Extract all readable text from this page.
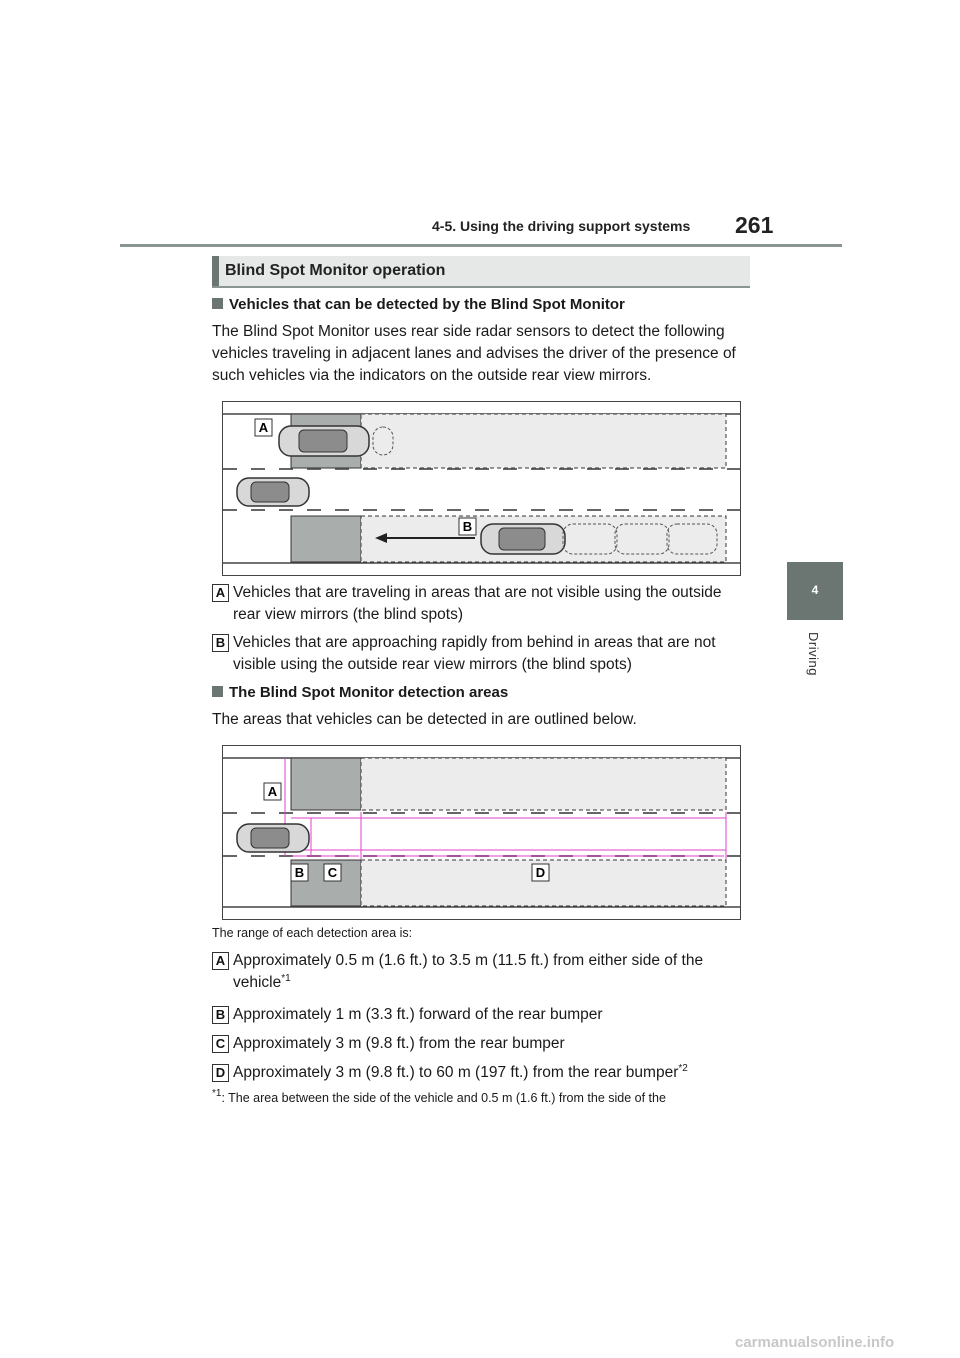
4-5. Using the driving support systems 261
4
Driving
Blind Spot Monitor operation
Vehicles that can be detected by the Blind Spot Monitor
The Blind Spot Monitor uses rear side radar sensors to detect the following vehicles traveling in adjacent lanes and advises the driver of the presence of such vehicles via the indicators on the outside rear view mirrors.
A
B
A Vehicles that are traveling in areas that are not visible using the outside rear view mirrors (the blind spots)
B Vehicles that are approaching rapidly from behind in areas that are not visible using the outside rear view mirrors (the blind spots)
The Blind Spot Monitor detection areas
The areas that vehicles can be detected in are outlined below.
A
B C	D
The range of each detection area is:
A Approximately 0.5 m (1.6 ft.) to 3.5 m (11.5 ft.) from either side of the vehicle$^{*1}$
B Approximately 1 m (3.3 ft.) forward of the rear bumper
C Approximately 3 m (9.8 ft.) from the rear bumper
D Approximately 3 m (9.8 ft.) to 60 m (197 ft.) from the rear bumper$^{*2}$
$^{*1}$: The area between the side of the vehicle and 0.5 m (1.6 ft.) from the side of the
carmanualsonline.info
